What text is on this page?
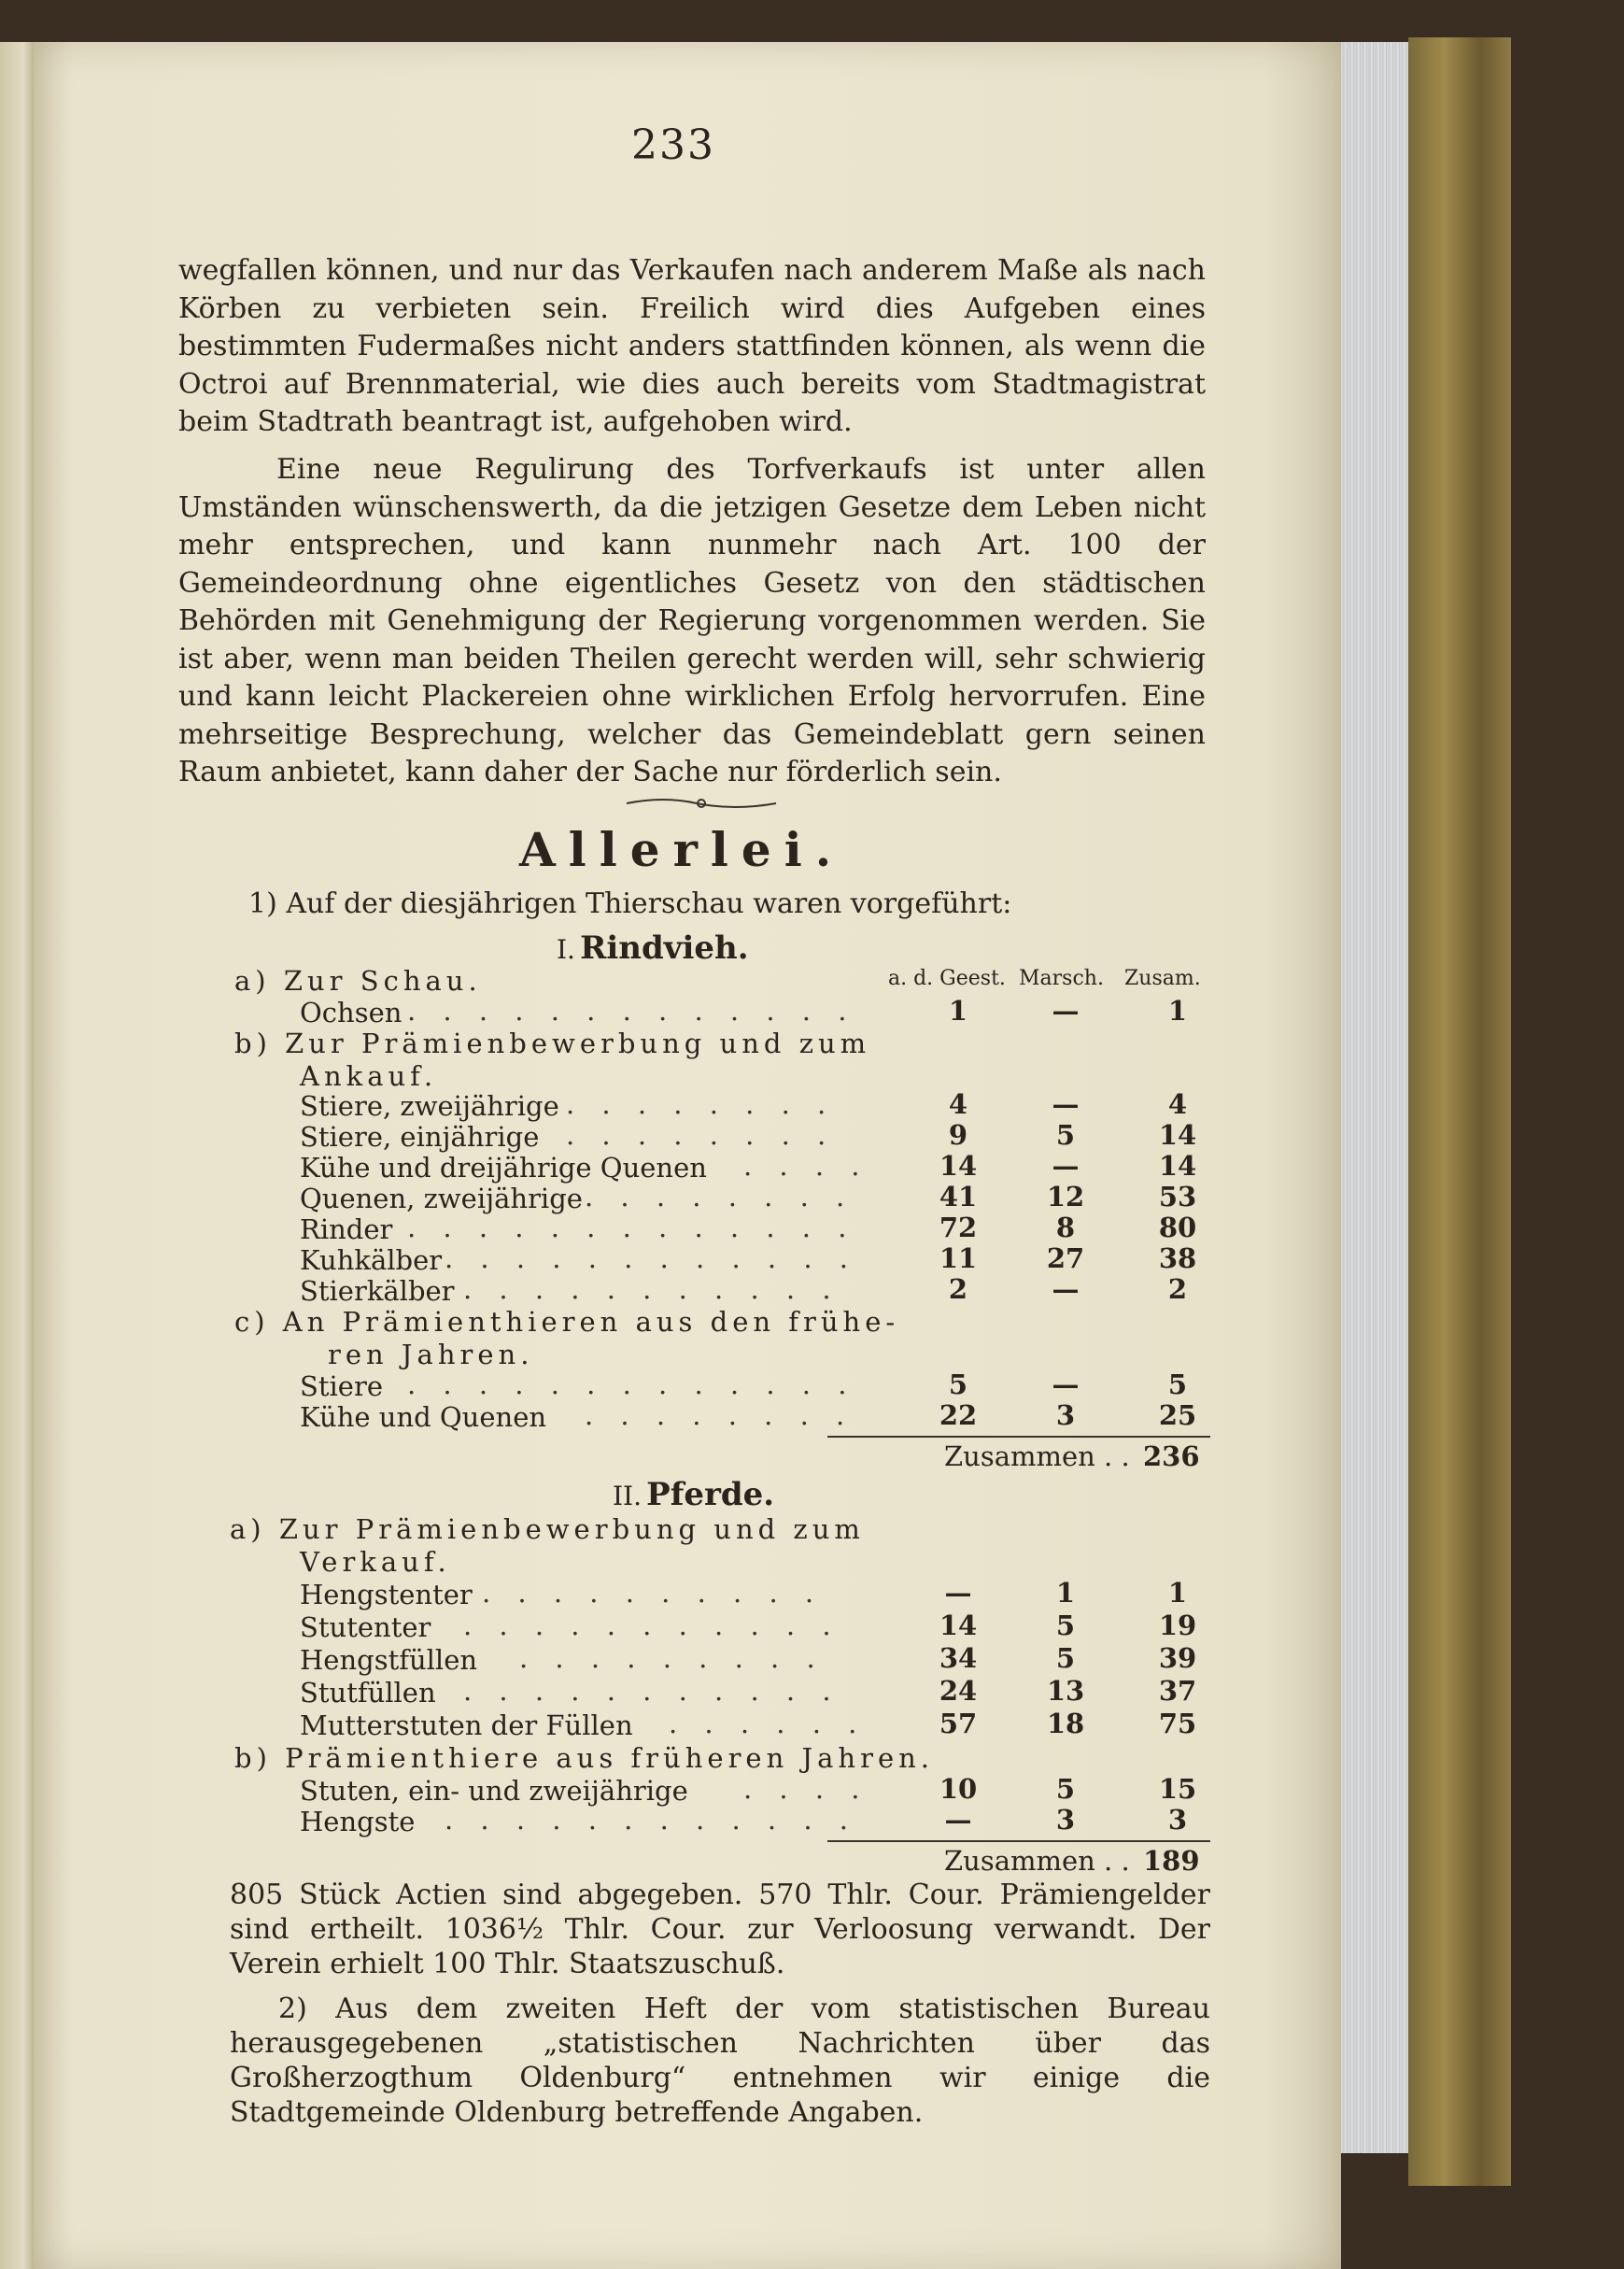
233
wegfallen können, und nur das Verkaufen nach anderem Maße als nach Körben zu verbieten sein. Freilich wird dies Aufgeben eines bestimmten Fudermaßes nicht anders stattfinden können, als wenn die Octroi auf Brennmaterial, wie dies auch bereits vom Stadtmagistrat beim Stadtrath beantragt ist, aufgehoben wird.
Eine neue Regulirung des Torfverkaufs ist unter allen Umständen wünschenswerth, da die jetzigen Gesetze dem Leben nicht mehr entsprechen, und kann nunmehr nach Art. 100 der Gemeindeordnung ohne eigentliches Gesetz von den städtischen Behörden mit Genehmigung der Regierung vorgenommen werden. Sie ist aber, wenn man beiden Theilen gerecht werden will, sehr schwierig und kann leicht Plackereien ohne wirklichen Erfolg hervorrufen. Eine mehrseitige Besprechung, welcher das Gemeindeblatt gern seinen Raum anbietet, kann daher der Sache nur förderlich sein.
Allerlei.
1) Auf der diesjährigen Thierschau waren vorgeführt:
I. Rindvieh.
a. d. Geest. Marsch. Zusam.
a) Zur Schau.
Ochsen . . . . . . . . . . . . .	1	—	1
b) Zur Prämienbewerbung und zum
Ankauf.
Stiere, zweijährige . . . . . . . .	4	—	4
Stiere, einjährige . . . . . . . .	9	5	14
Kühe und dreijährige Quenen . . . .	14	—	14
Quenen, zweijährige . . . . . . . .	41	12	53
Rinder . . . . . . . . . . . . .	72	8	80
Kuhkälber . . . . . . . . . . . .	11	27	38
Stierkälber . . . . . . . . . . .	2	—	2
c) An Prämienthieren aus den frühe-
ren Jahren.
Stiere . . . . . . . . . . . . .	5	—	5
Kühe und Quenen . . . . . . . .	22	3	25
Zusammen . . 236
II. Pferde.
a) Zur Prämienbewerbung und zum
Verkauf.
Hengstenter . . . . . . . . . .	—	1	1
Stutenter . . . . . . . . . . .	14	5	19
Hengstfüllen . . . . . . . . .	34	5	39
Stutfüllen . . . . . . . . . . .	24	13	37
Mutterstuten der Füllen . . . . . .	57	18	75
b) Prämienthiere aus früheren Jahren.
Stuten, ein- und zweijährige . . . .	10	5	15
Hengste . . . . . . . . . . . .	—	3	3
Zusammen . . 189
805 Stück Actien sind abgegeben. 570 Thlr. Cour. Prämiengelder sind ertheilt. 1036½ Thlr. Cour. zur Verloosung verwandt. Der Verein erhielt 100 Thlr. Staatszuschuß.
2) Aus dem zweiten Heft der vom statistischen Bureau herausgegebenen „statistischen Nachrichten über das Großherzogthum Oldenburg“ entnehmen wir einige die Stadtgemeinde Oldenburg betreffende Angaben.
